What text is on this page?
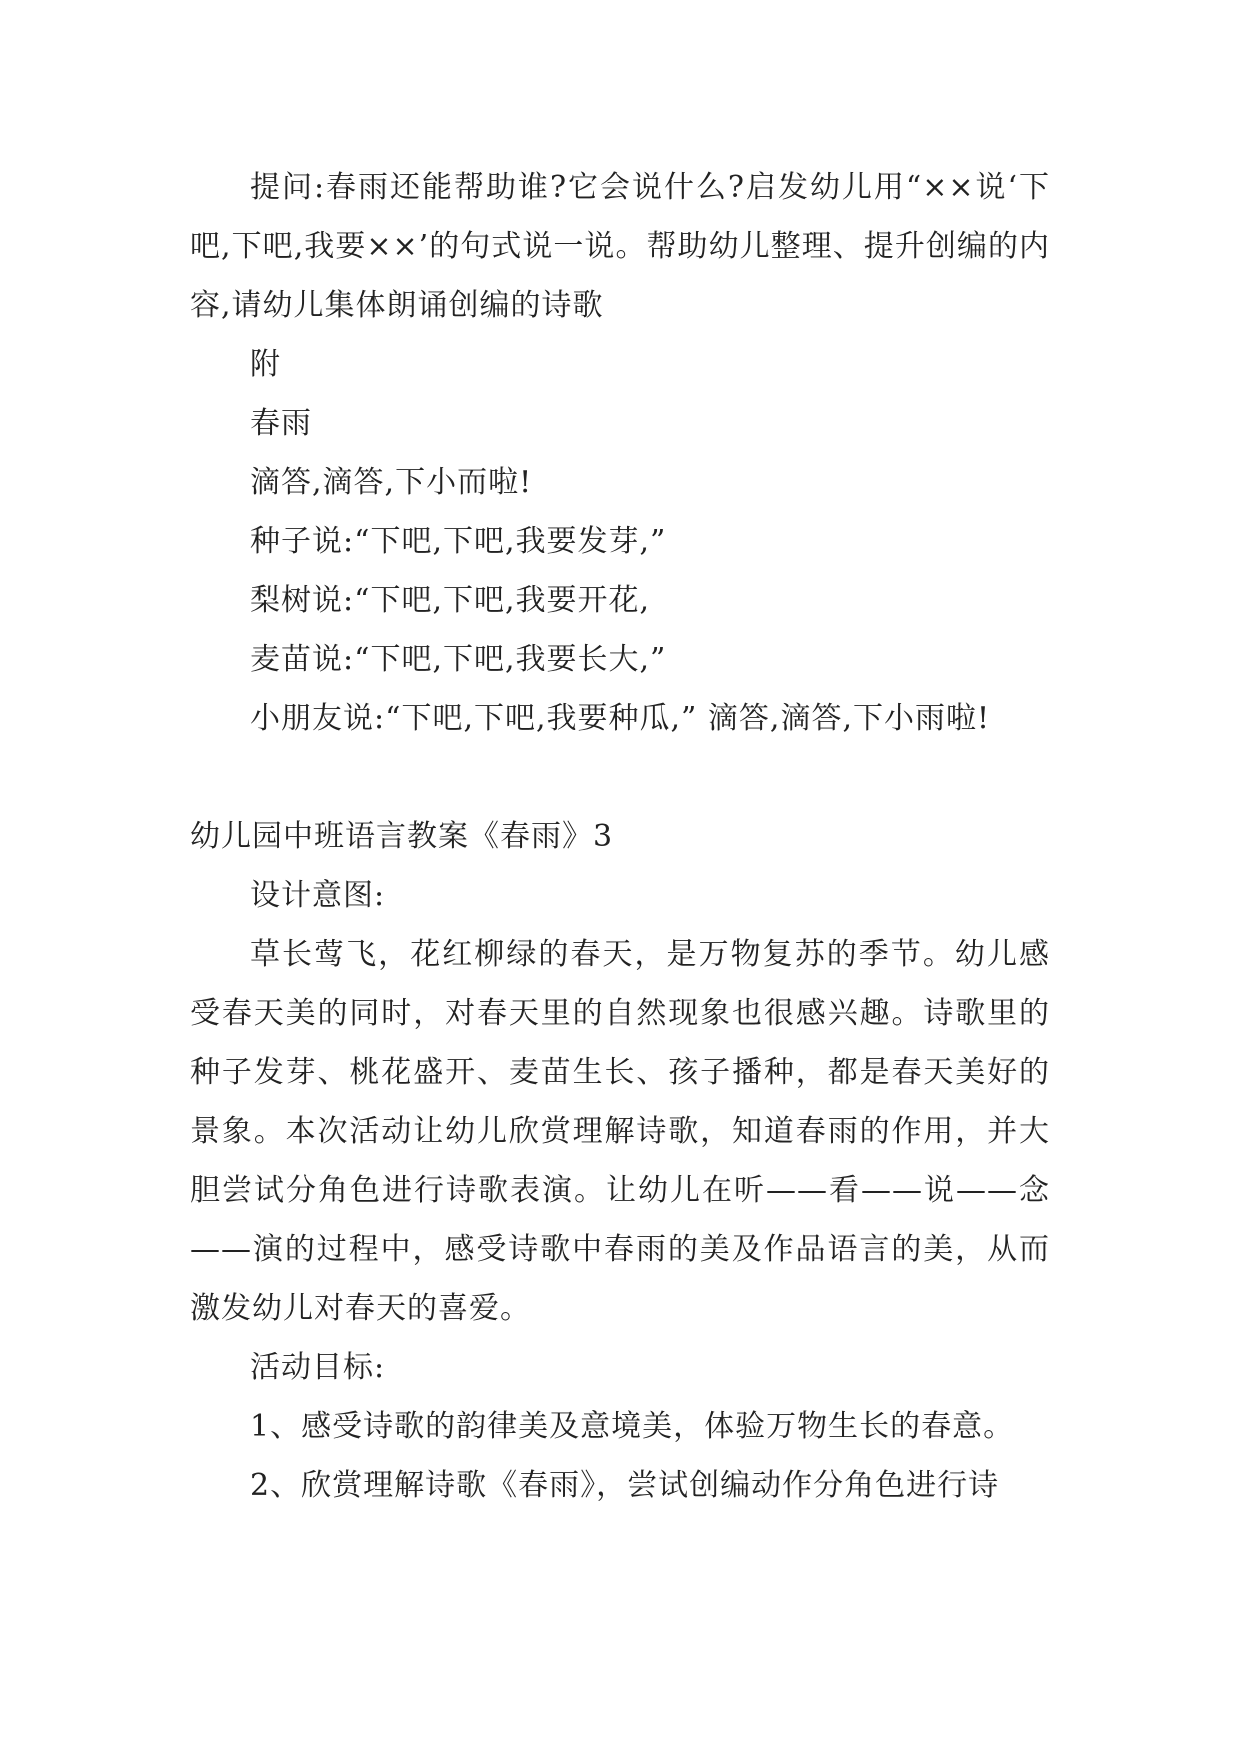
提问:春雨还能帮助谁?它会说什么?启发幼儿用“××说‘下吧,下吧,我要××’的句式说一说。帮助幼儿整理、提升创编的内容,请幼儿集体朗诵创编的诗歌

附

春雨

滴答,滴答,下小而啦!

种子说:“下吧,下吧,我要发芽,”

梨树说:“下吧,下吧,我要开花,

麦苗说:“下吧,下吧,我要长大,”

小朋友说:“下吧,下吧,我要种瓜,” 滴答,滴答,下小雨啦!

幼儿园中班语言教案《春雨》3

设计意图:

草长莺飞，花红柳绿的春天，是万物复苏的季节。幼儿感受春天美的同时，对春天里的自然现象也很感兴趣。诗歌里的种子发芽、桃花盛开、麦苗生长、孩子播种，都是春天美好的景象。本次活动让幼儿欣赏理解诗歌，知道春雨的作用，并大胆尝试分角色进行诗歌表演。让幼儿在听——看——说——念——演的过程中，感受诗歌中春雨的美及作品语言的美，从而激发幼儿对春天的喜爱。

活动目标:

1、感受诗歌的韵律美及意境美，体验万物生长的春意。

2、欣赏理解诗歌《春雨》，尝试创编动作分角色进行诗
